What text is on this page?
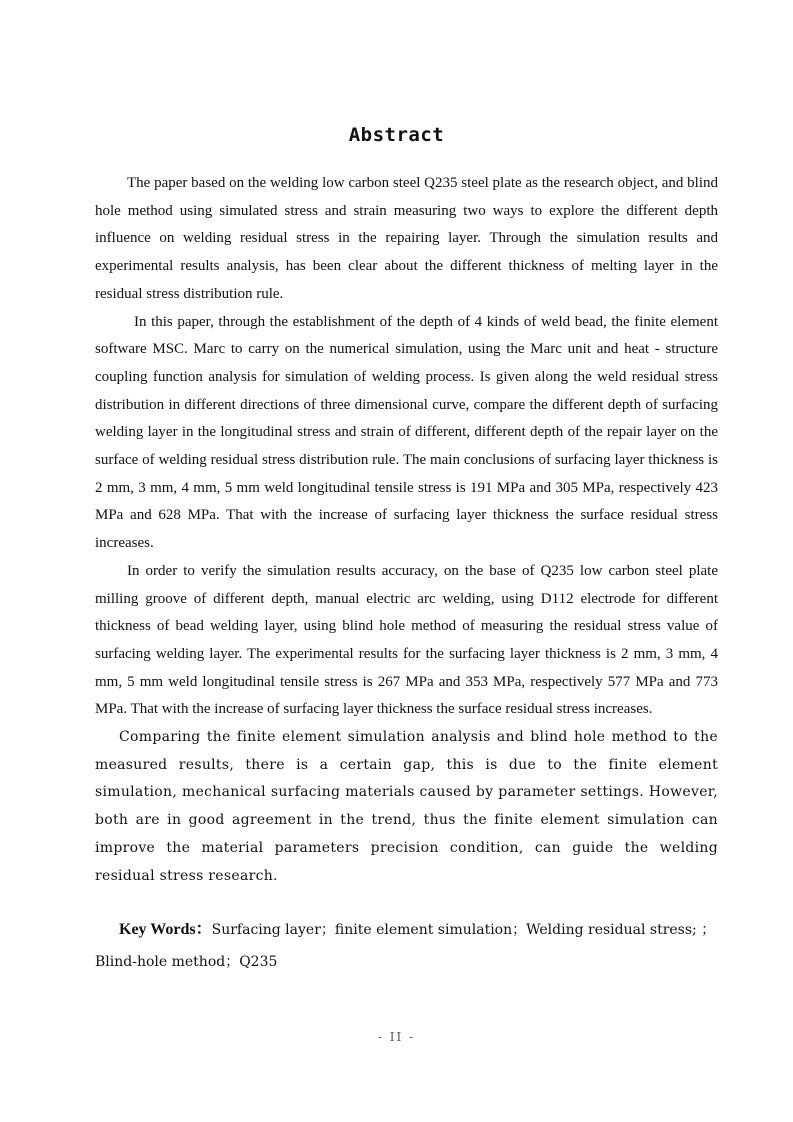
Abstract

The paper based on the welding low carbon steel Q235 steel plate as the research object, and blind hole method using simulated stress and strain measuring two ways to explore the different depth influence on welding residual stress in the repairing layer. Through the simulation results and experimental results analysis, has been clear about the different thickness of melting layer in the residual stress distribution rule.

In this paper, through the establishment of the depth of 4 kinds of weld bead, the finite element software MSC. Marc to carry on the numerical simulation, using the Marc unit and heat - structure coupling function analysis for simulation of welding process. Is given along the weld residual stress distribution in different directions of three dimensional curve, compare the different depth of surfacing welding layer in the longitudinal stress and strain of different, different depth of the repair layer on the surface of welding residual stress distribution rule. The main conclusions of surfacing layer thickness is 2 mm, 3 mm, 4 mm, 5 mm weld longitudinal tensile stress is 191 MPa and 305 MPa, respectively 423 MPa and 628 MPa. That with the increase of surfacing layer thickness the surface residual stress increases.

In order to verify the simulation results accuracy, on the base of Q235 low carbon steel plate milling groove of different depth, manual electric arc welding, using D112 electrode for different thickness of bead welding layer, using blind hole method of measuring the residual stress value of surfacing welding layer. The experimental results for the surfacing layer thickness is 2 mm, 3 mm, 4 mm, 5 mm weld longitudinal tensile stress is 267 MPa and 353 MPa, respectively 577 MPa and 773 MPa. That with the increase of surfacing layer thickness the surface residual stress increases.

Comparing the finite element simulation analysis and blind hole method to the measured results, there is a certain gap, this is due to the finite element simulation, mechanical surfacing materials caused by parameter settings. However, both are in good agreement in the trend, thus the finite element simulation can improve the material parameters precision condition, can guide the welding residual stress research.

Key Words：Surfacing layer；finite element simulation；Welding residual stress; ；Blind-hole method；Q235
- II -
